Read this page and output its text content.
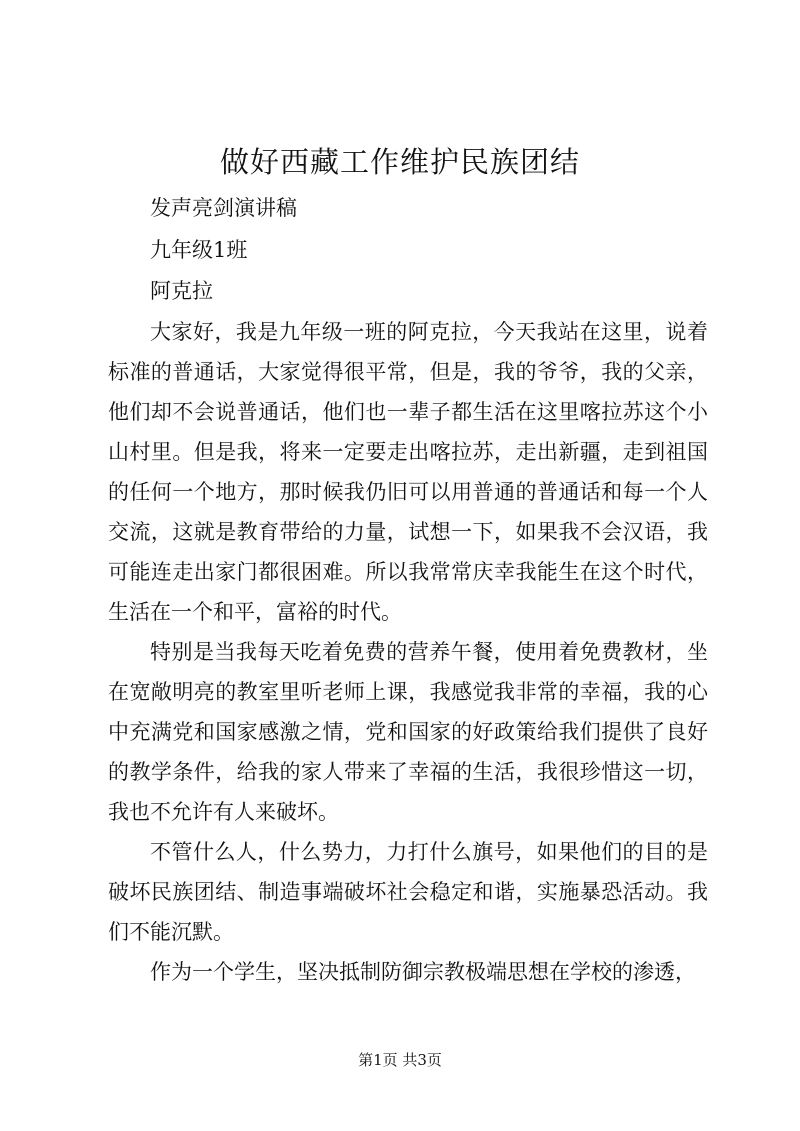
做好西藏工作维护民族团结
发声亮剑演讲稿
九年级1班
阿克拉

大家好，我是九年级一班的阿克拉，今天我站在这里，说着标准的普通话，大家觉得很平常，但是，我的爷爷，我的父亲，他们却不会说普通话，他们也一辈子都生活在这里喀拉苏这个小山村里。但是我，将来一定要走出喀拉苏，走出新疆，走到祖国的任何一个地方，那时候我仍旧可以用普通的普通话和每一个人交流，这就是教育带给的力量，试想一下，如果我不会汉语，我可能连走出家门都很困难。所以我常常庆幸我能生在这个时代，生活在一个和平，富裕的时代。

特别是当我每天吃着免费的营养午餐，使用着免费教材，坐在宽敞明亮的教室里听老师上课，我感觉我非常的幸福，我的心中充满党和国家感激之情，党和国家的好政策给我们提供了良好的教学条件，给我的家人带来了幸福的生活，我很珍惜这一切，我也不允许有人来破坏。

不管什么人，什么势力，力打什么旗号，如果他们的目的是破坏民族团结、制造事端破坏社会稳定和谐，实施暴恐活动。我们不能沉默。

作为一个学生，坚决抵制防御宗教极端思想在学校的渗透，

第1页 共3页
